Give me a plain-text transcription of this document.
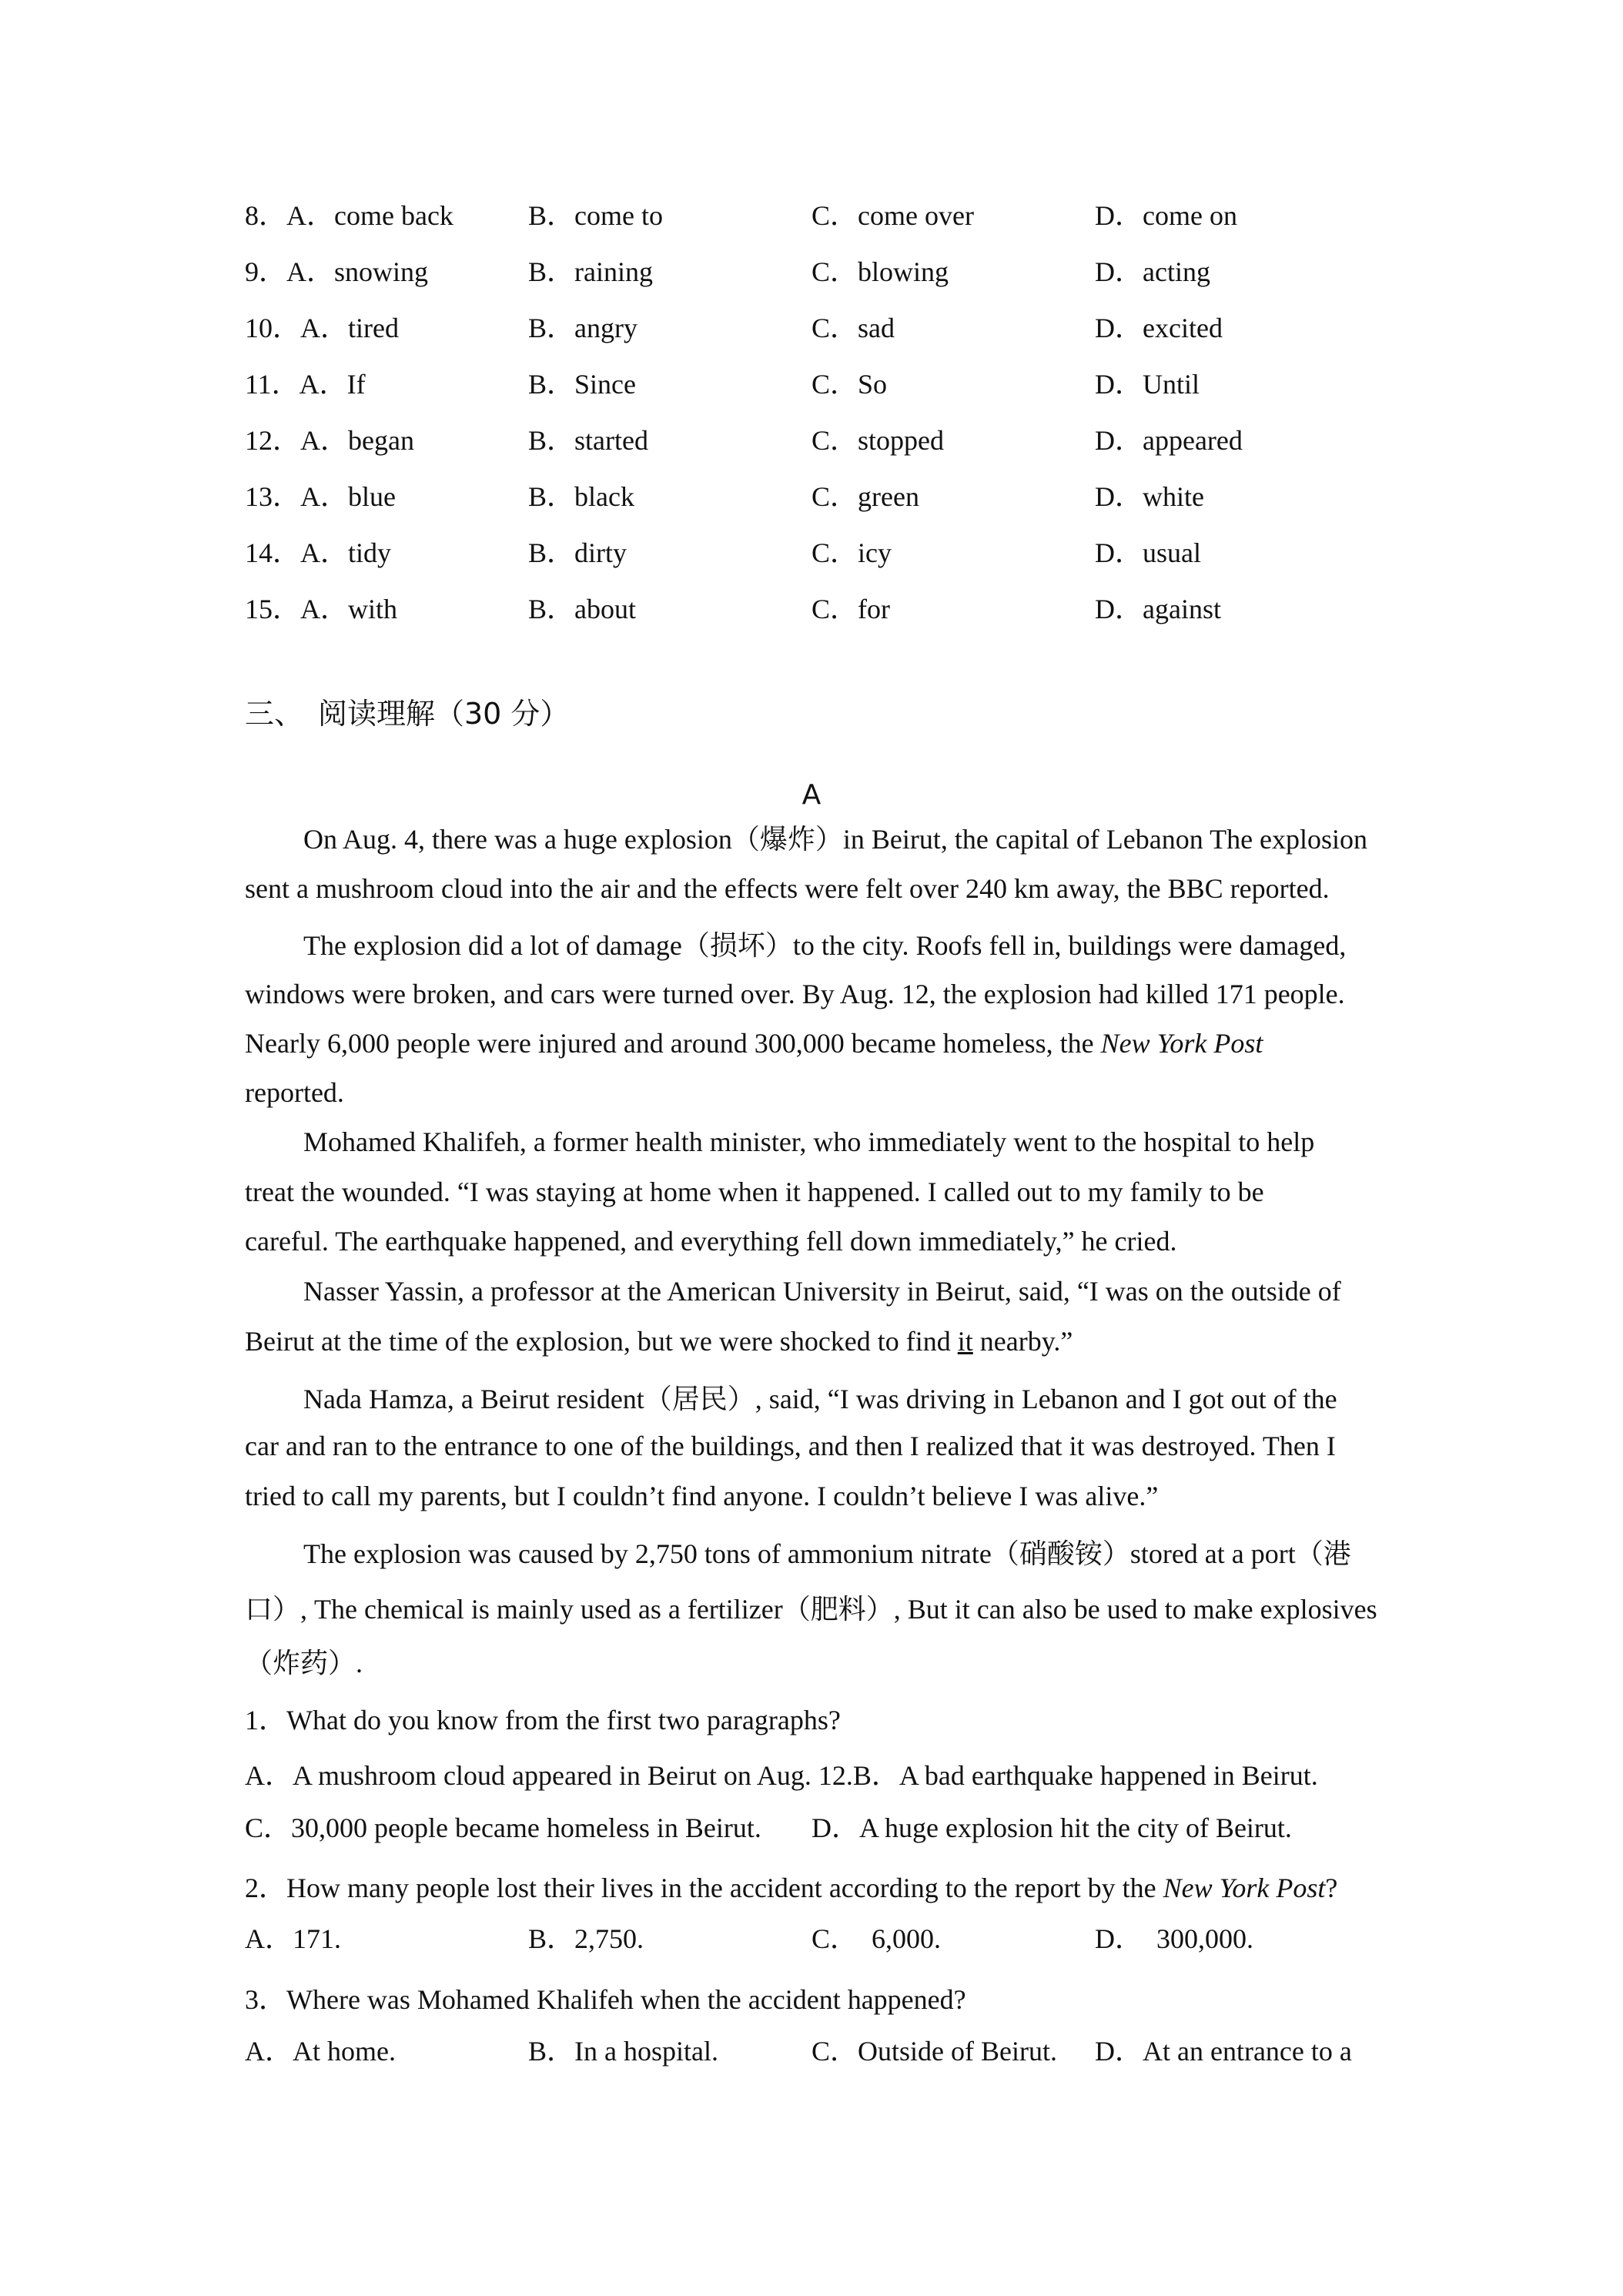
8．A．come back	B．come to	C．come over	D．come on
9．A．snowing	B．raining	C．blowing	D．acting
10．A．tired	B．angry	C．sad	D．excited
11．A．If	B．Since	C．So	D．Until
12．A．began	B．started	C．stopped	D．appeared
13．A．blue	B．black	C．green	D．white
14．A．tidy	B．dirty	C．icy	D．usual
15．A．with	B．about	C．for	D．against
三、　阅读理解（30 分）
A
On Aug. 4, there was a huge explosion（爆炸）in Beirut, the capital of Lebanon The explosion
sent a mushroom cloud into the air and the effects were felt over 240 km away, the BBC reported.
The explosion did a lot of damage（损坏）to the city. Roofs fell in, buildings were damaged,
windows were broken, and cars were turned over. By Aug. 12, the explosion had killed 171 people.
Nearly 6,000 people were injured and around 300,000 became homeless, the New York Post
reported.
Mohamed Khalifeh, a former health minister, who immediately went to the hospital to help
treat the wounded. “I was staying at home when it happened. I called out to my family to be
careful. The earthquake happened, and everything fell down immediately,” he cried.
Nasser Yassin, a professor at the American University in Beirut, said, “I was on the outside of
Beirut at the time of the explosion, but we were shocked to find it nearby.”
Nada Hamza, a Beirut resident（居民）, said, “I was driving in Lebanon and I got out of the
car and ran to the entrance to one of the buildings, and then I realized that it was destroyed. Then I
tried to call my parents, but I couldn’t find anyone. I couldn’t believe I was alive.”
The explosion was caused by 2,750 tons of ammonium nitrate（硝酸铵）stored at a port（港
口）, The chemical is mainly used as a fertilizer（肥料）, But it can also be used to make explosives
（炸药）.
1．What do you know from the first two paragraphs?
A．A mushroom cloud appeared in Beirut on Aug. 12.B．A bad earthquake happened in Beirut.
C．30,000 people became homeless in Beirut. D．A huge explosion hit the city of Beirut.
2．How many people lost their lives in the accident according to the report by the New York Post?
A．171.	B．2,750.	C．　6,000.	D．　300,000.
3．Where was Mohamed Khalifeh when the accident happened?
A．At home.	B．In a hospital.	C．Outside of Beirut. D．At an entrance to a
